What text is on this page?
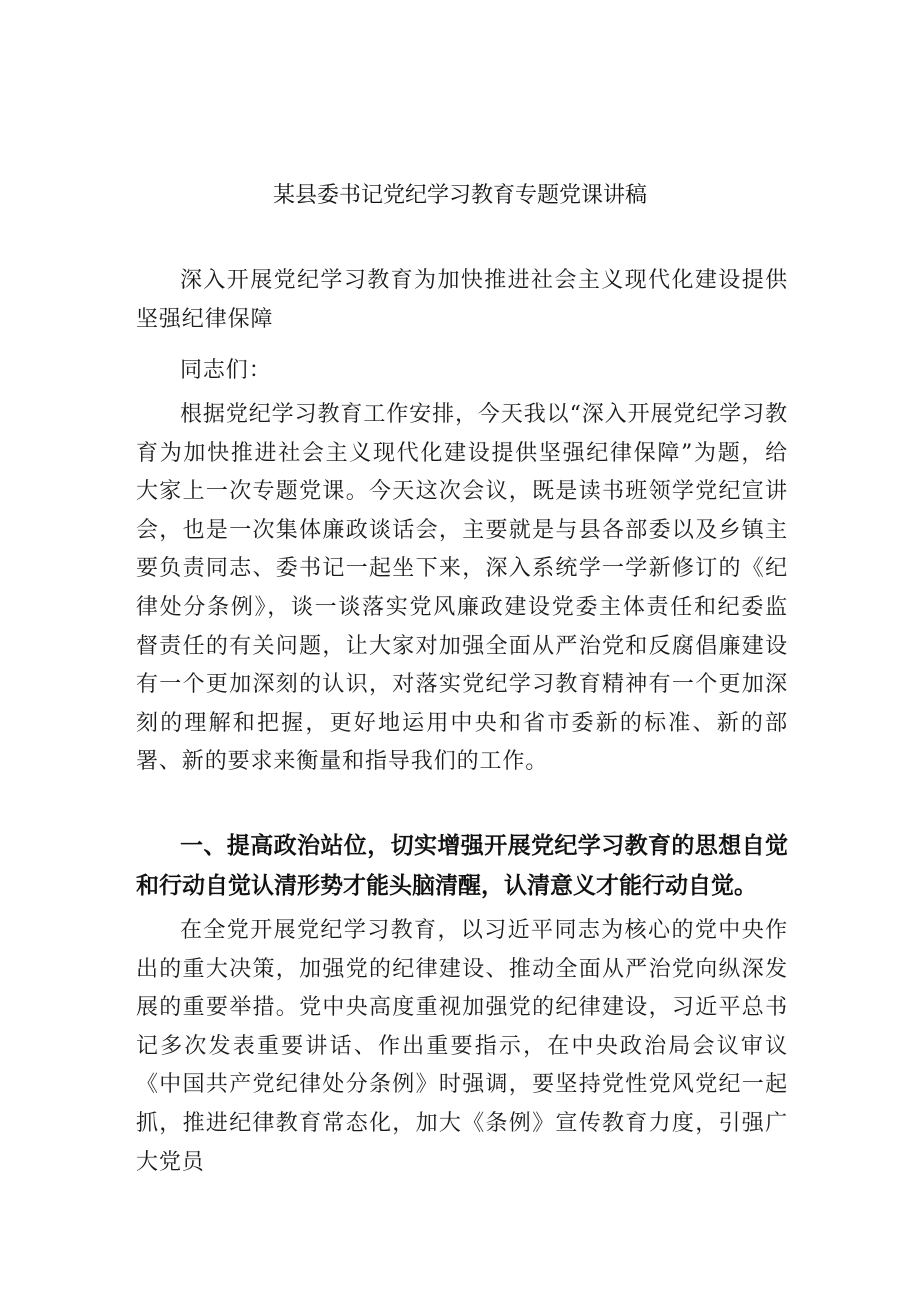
某县委书记党纪学习教育专题党课讲稿

深入开展党纪学习教育为加快推进社会主义现代化建设提供坚强纪律保障

同志们：

根据党纪学习教育工作安排，今天我以“深入开展党纪学习教育为加快推进社会主义现代化建设提供坚强纪律保障”为题，给大家上一次专题党课。今天这次会议，既是读书班领学党纪宣讲会，也是一次集体廉政谈话会，主要就是与县各部委以及乡镇主要负责同志、委书记一起坐下来，深入系统学一学新修订的《纪律处分条例》，谈一谈落实党风廉政建设党委主体责任和纪委监督责任的有关问题，让大家对加强全面从严治党和反腐倡廉建设有一个更加深刻的认识，对落实党纪学习教育精神有一个更加深刻的理解和把握，更好地运用中央和省市委新的标准、新的部署、新的要求来衡量和指导我们的工作。

一、提高政治站位，切实增强开展党纪学习教育的思想自觉和行动自觉认清形势才能头脑清醒，认清意义才能行动自觉。

在全党开展党纪学习教育，以习近平同志为核心的党中央作出的重大决策，加强党的纪律建设、推动全面从严治党向纵深发展的重要举措。党中央高度重视加强党的纪律建设，习近平总书记多次发表重要讲话、作出重要指示，在中央政治局会议审议《中国共产党纪律处分条例》时强调，要坚持党性党风党纪一起抓，推进纪律教育常态化，加大《条例》宣传教育力度，引强广大党员
